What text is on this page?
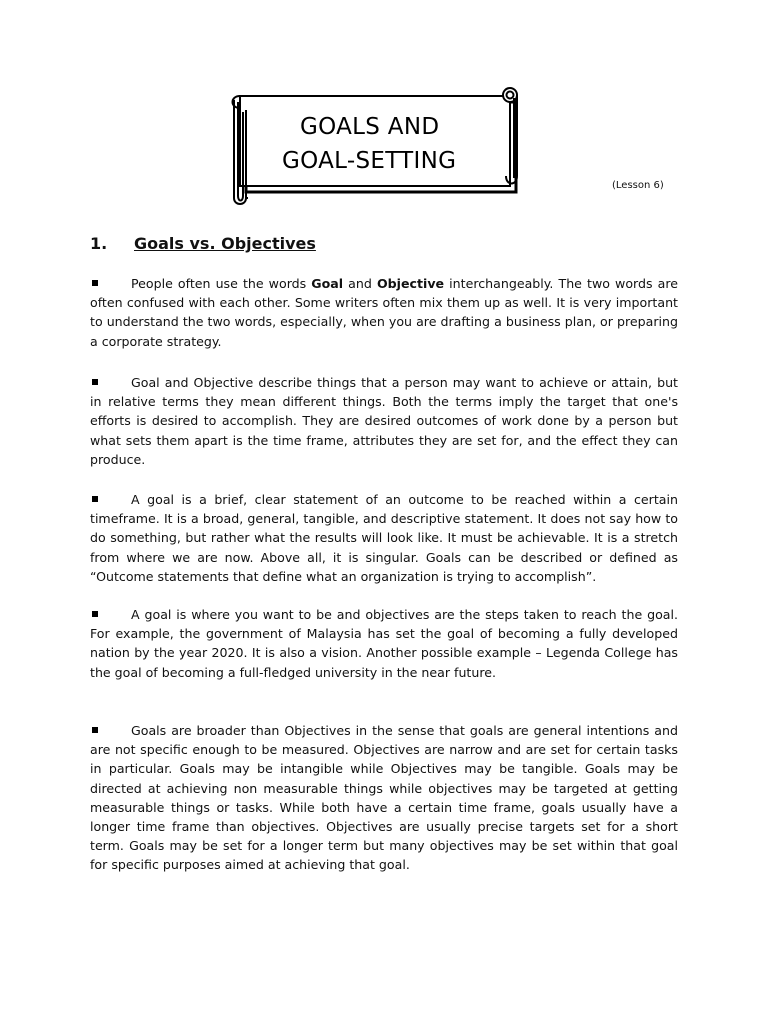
GOALS AND
GOAL-SETTING
(Lesson 6)
1. Goals vs. Objectives

People often use the words Goal and Objective interchangeably. The two words are often confused with each other. Some writers often mix them up as well. It is very important to understand the two words, especially, when you are drafting a business plan, or preparing a corporate strategy.

Goal and Objective describe things that a person may want to achieve or attain, but in relative terms they mean different things. Both the terms imply the target that one's efforts is desired to accomplish. They are desired outcomes of work done by a person but what sets them apart is the time frame, attributes they are set for, and the effect they can produce.

A goal is a brief, clear statement of an outcome to be reached within a certain timeframe. It is a broad, general, tangible, and descriptive statement. It does not say how to do something, but rather what the results will look like. It must be achievable. It is a stretch from where we are now. Above all, it is singular. Goals can be described or defined as “Outcome statements that define what an organization is trying to accomplish”.

A goal is where you want to be and objectives are the steps taken to reach the goal. For example, the government of Malaysia has set the goal of becoming a fully developed nation by the year 2020. It is also a vision. Another possible example – Legenda College has the goal of becoming a full-fledged university in the near future.

Goals are broader than Objectives in the sense that goals are general intentions and are not specific enough to be measured. Objectives are narrow and are set for certain tasks in particular. Goals may be intangible while Objectives may be tangible. Goals may be directed at achieving non measurable things while objectives may be targeted at getting measurable things or tasks. While both have a certain time frame, goals usually have a longer time frame than objectives. Objectives are usually precise targets set for a short term. Goals may be set for a longer term but many objectives may be set within that goal for specific purposes aimed at achieving that goal.
